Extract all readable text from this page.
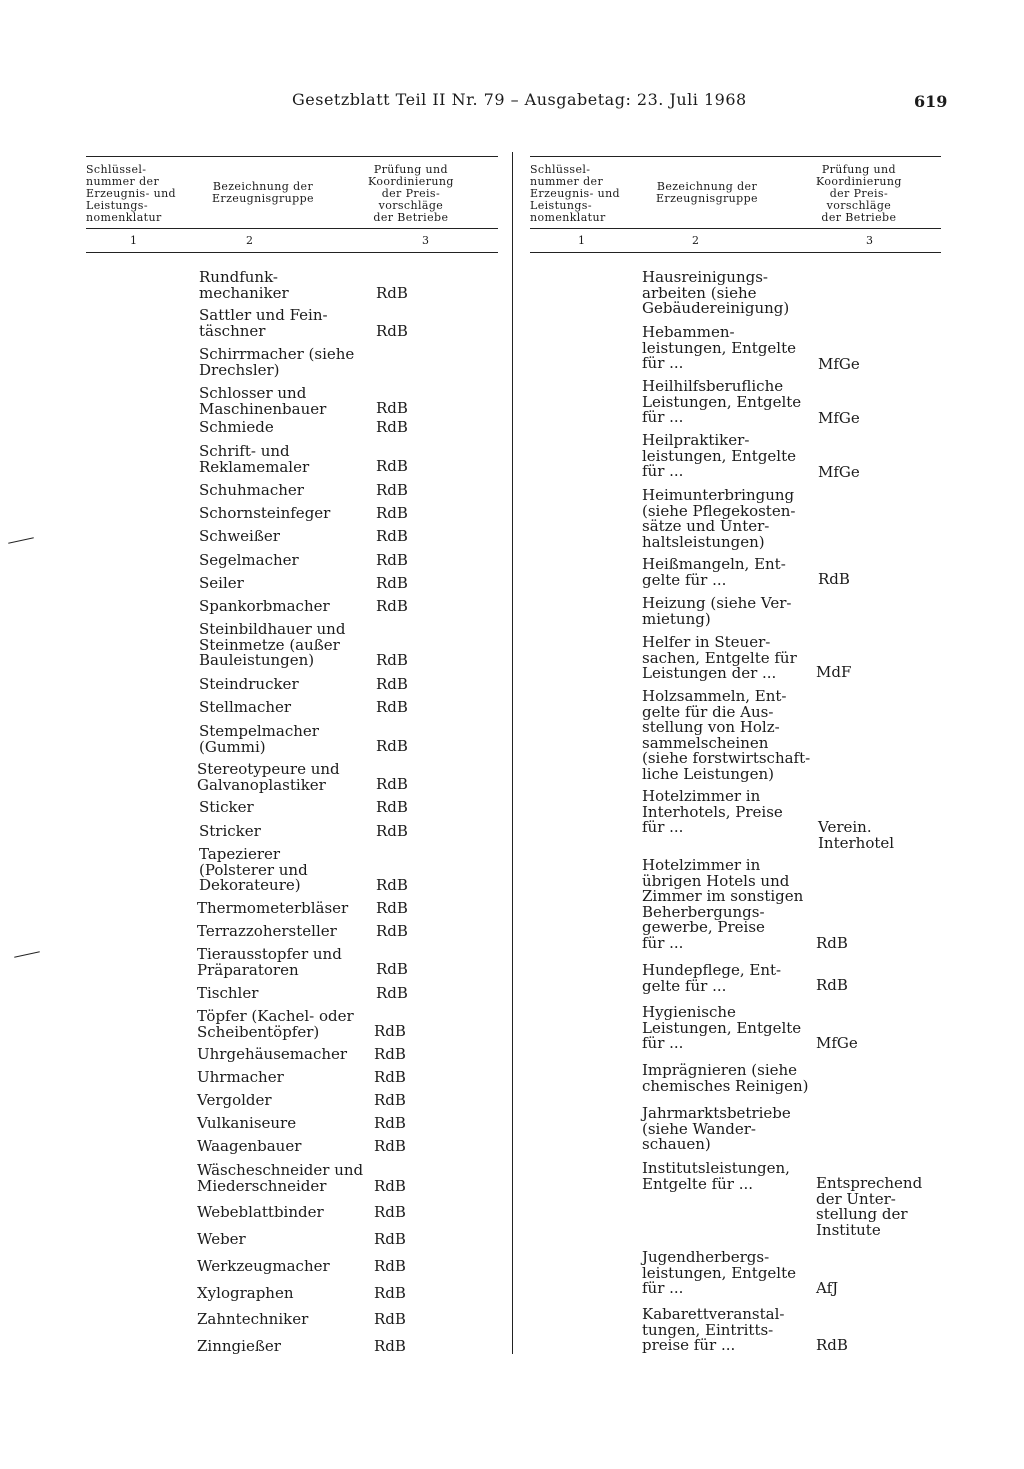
Gesetzblatt Teil II Nr. 79 – Ausgabetag: 23. Juli 1968	619
Schlüssel-
nummer der
Erzeugnis- und
Leistungs-
nomenklatur
Bezeichnung der
Erzeugnisgruppe
Prüfung und
Koordinierung
der Preis-
vorschläge
der Betriebe
1	2	3
Schlüssel-
nummer der
Erzeugnis- und
Leistungs-
nomenklatur
Bezeichnung der
Erzeugnisgruppe
Prüfung und
Koordinierung
der Preis-
vorschläge
der Betriebe
1	2	3
Rundfunk-
mechaniker	RdB
Sattler und Fein-
täschner	RdB
Schirrmacher (siehe
Drechsler)
Schlosser und
Maschinenbauer	RdB
Schmiede	RdB
Schrift- und
Reklamemaler	RdB
Schuhmacher	RdB
Schornsteinfeger	RdB
Schweißer	RdB
Segelmacher	RdB
Seiler	RdB
Spankorbmacher	RdB
Steinbildhauer und
Steinmetze (außer
Bauleistungen)	RdB
Steindrucker	RdB
Stellmacher	RdB
Stempelmacher
(Gummi)	RdB
Stereotypeure und
Galvanoplastiker	RdB
Sticker	RdB
Stricker	RdB
Tapezierer
(Polsterer und
Dekorateure)	RdB
Thermometerbläser RdB
Terrazzohersteller	RdB
Tierausstopfer und
Präparatoren	RdB
Tischler	RdB
Töpfer (Kachel- oder
Scheibentöpfer)	RdB
Uhrgehäusemacher RdB
Uhrmacher	RdB
Vergolder	RdB
Vulkaniseure	RdB
Waagenbauer	RdB
Wäscheschneider und
Miederschneider	RdB
Webeblattbinder	RdB
Weber	RdB
Werkzeugmacher	RdB
Xylographen	RdB
Zahntechniker	RdB
Zinngießer	RdB
Hausreinigungs-
arbeiten (siehe
Gebäudereinigung)
Hebammen-
leistungen, Entgelte
für ...	MfGe
Heilhilfsberufliche
Leistungen, Entgelte
für ...	MfGe
Heilpraktiker-
leistungen, Entgelte
für ...	MfGe
Heimunterbringung
(siehe Pflegekosten-
sätze und Unter-
haltsleistungen)
Heißmangeln, Ent-
gelte für ...	RdB
Heizung (siehe Ver-
mietung)
Helfer in Steuer-
sachen, Entgelte für
Leistungen der ...	MdF
Holzsammeln, Ent-
gelte für die Aus-
stellung von Holz-
sammelscheinen
(siehe forstwirtschaft-
liche Leistungen)
Hotelzimmer in
Interhotels, Preise
für ...	Verein.
Interhotel
Hotelzimmer in
übrigen Hotels und
Zimmer im sonstigen
Beherbergungs-
gewerbe, Preise
für ...	RdB
Hundepflege, Ent-
gelte für ...	RdB
Hygienische
Leistungen, Entgelte
für ...	MfGe
Imprägnieren (siehe
chemisches Reinigen)
Jahrmarktsbetriebe
(siehe Wander-
schauen)
Institutsleistungen,
Entgelte für ...	Entsprechend
der Unter-
stellung der
Institute
Jugendherbergs-
leistungen, Entgelte
für ...	AfJ
Kabarettveranstal-
tungen, Eintritts-
preise für ...	RdB
